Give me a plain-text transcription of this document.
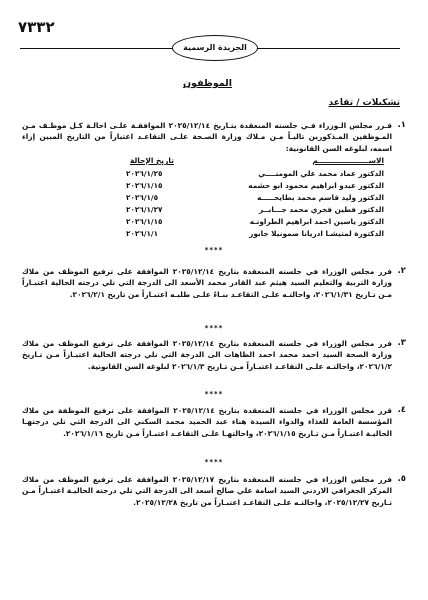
٧٣٣٢
الجريدة الرسمية
الموظفون
تشكيلات / تقاعد
١.
قـرر مجلس الـوزراء فـي جلسته المنعقدة بتـاريخ ٢٠٢٥/١٢/١٤ الموافقـة علـى احالـة كـل موظـف مـن المـوظفين المـذكورين تاليـاً مـن مـلاك وزارة الصـحة علـى التقاعـد اعتباراً من التاريخ المبين إزاء اسمه، لبلوغه السن القانونية:
الاســــــــــــــــــــم
تاريخ الإحالة
الدكتور عماد محمد علي المومنــــي
٢٠٢٦/١/٢٥
الدكتور عبدو ابراهيم محمود ابو حشمه
٢٠٢٦/١/١٥
الدكتور وليد قاسم محمد بطايحـــــه
٢٠٢٦/١/٥
الدكتور فطين فخري محمد جـــابــر
٢٠٢٦/١/٢٧
الدكتور ياسين احمد ابراهيم الطراونـه
٢٠٢٦/١/١٥
الدكتورة لمتيشـا ادريانا صمونيلا جابور
٢٠٢٦/١/١
****
٢.
قرر مجلس الوزراء في جلسته المنعقدة بتاريخ ٢٠٢٥/١٢/١٤ الموافقة على ترفيع الموظف من ملاك وزارة التربية والتعليم السيد هيثم عبد القادر محمد الأسعد الى الدرجة التي تلي درجته الحالية اعتبـاراً مـن تـاريخ ٢٠٢٦/١/٣١، واحالتـه علـى التقاعـد بنـاءً علـى طلبـه اعتبـاراً من تاريخ ٢٠٢٦/٢/١.
****
٣.
قرر مجلس الوزراء في جلسته المنعقدة بتاريخ ٢٠٢٥/١٢/١٤ الموافقة على ترفيع الموظف من ملاك وزارة الصحة السيد احمد محمد احمد الظاهات الى الدرجة التي تلي درجته الحالية اعتبـاراً مـن تـاريخ ٢٠٢٦/١/٢، واحالتـه علـى التقاعـد اعتبـاراً مـن تـاريخ ٢٠٢٦/١/٣ لبلوغه السن القانونية.
****
٤.
قرر مجلس الوزراء في جلسته المنعقدة بتاريخ ٢٠٢٥/١٢/١٤ الموافقة على ترفيع الموظفة من ملاك المؤسسة العامة للغذاء والدواء السيدة هناء عبد الحميد محمد السكني الى الدرجة التي تلي درجتهـا الحاليـة اعتبـاراً مـن تـاريخ ٢٠٢٦/١/١٥، واحالتهـا علـى التقاعـد اعتبـاراً مـن تاريخ ٢٠٢٦/١/١٦.
****
٥.
قرر مجلس الوزراء في جلسته المنعقدة بتاريخ ٢٠٢٥/١٢/١٧ الموافقة على ترفيع الموظف من ملاك المركز الجغرافي الاردني السيد اسامة علي صالح أسعد الى الدرجة التي تلي درجته الحاليـة اعتبـاراً مـن تـاريخ ٢٠٢٥/١٢/٢٧، واحالتـه علـى التقاعـد اعتبـاراً من تاريخ ٢٠٢٥/١٢/٢٨.
